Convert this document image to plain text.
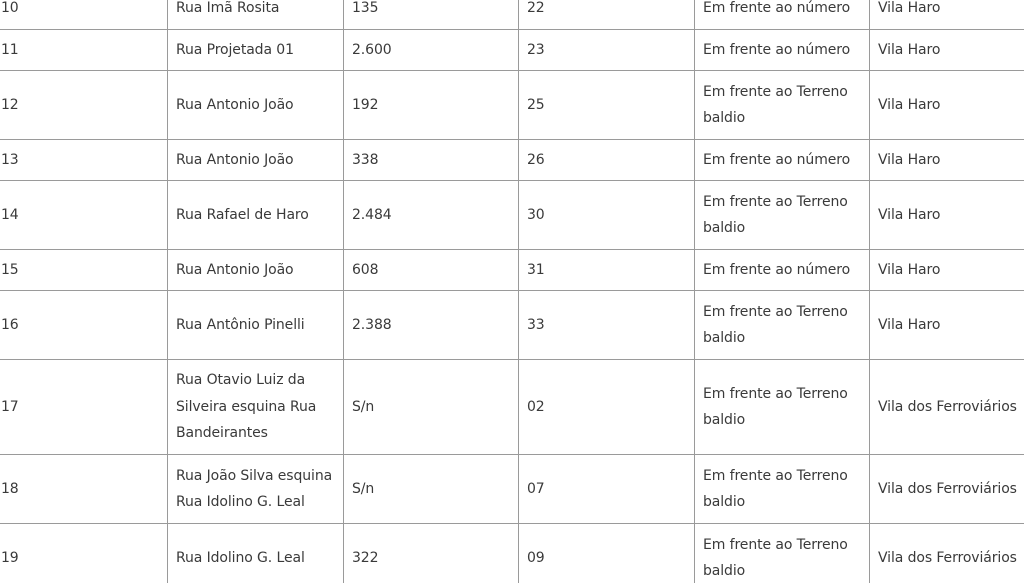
10	Rua Imã Rosita	135	22	Em frente ao número	Vila Haro
11	Rua Projetada 01	2.600	23	Em frente ao número	Vila Haro
12	Rua Antonio João	192	25	Em frente ao Terreno baldio	Vila Haro
13	Rua Antonio João	338	26	Em frente ao número	Vila Haro
14	Rua Rafael de Haro	2.484	30	Em frente ao Terreno baldio	Vila Haro
15	Rua Antonio João	608	31	Em frente ao número	Vila Haro
16	Rua Antônio Pinelli	2.388	33	Em frente ao Terreno baldio	Vila Haro
17	Rua Otavio Luiz da Silveira esquina Rua Bandeirantes	S/n	02	Em frente ao Terreno baldio	Vila dos Ferroviários
18	Rua João Silva esquina Rua Idolino G. Leal	S/n	07	Em frente ao Terreno baldio	Vila dos Ferroviários
19	Rua Idolino G. Leal	322	09	Em frente ao Terreno baldio	Vila dos Ferroviários
